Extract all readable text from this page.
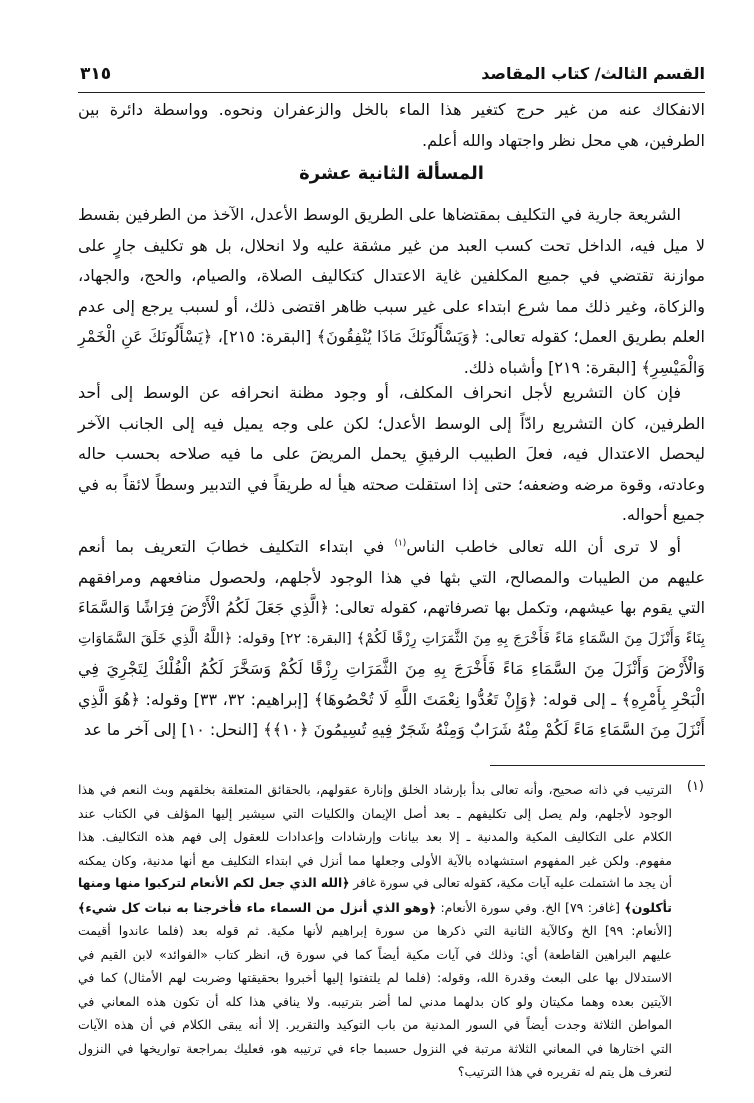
القسم الثالث/ كتاب المقاصد
٣١٥
الانفكاك عنه من غير حرج كتغير هذا الماء بالخل والزعفران ونحوه. وواسطة دائرة بين
الطرفين، هي محل نظر واجتهاد والله أعلم.
المسألة الثانية عشرة
الشريعة جارية في التكليف بمقتضاها على الطريق الوسط الأعدل، الآخذ من الطرفين بقسط
لا ميل فيه، الداخل تحت كسب العبد من غير مشقة عليه ولا انحلال، بل هو تكليف جارٍ على
موازنة تقتضي في جميع المكلفين غاية الاعتدال كتكاليف الصلاة، والصيام، والحج، والجهاد،
والزكاة، وغير ذلك مما شرع ابتداء على غير سبب ظاهر اقتضى ذلك، أو لسبب يرجع إلى عدم
العلم بطريق العمل؛ كقوله تعالى: ﴿وَيَسْأَلُونَكَ مَاذَا يُنْفِقُونَ﴾ [البقرة: ٢١٥]، ﴿يَسْأَلُونَكَ عَنِ الْخَمْرِ
وَالْمَيْسِرِ﴾ [البقرة: ٢١٩] وأشباه ذلك.
فإن كان التشريع لأجل انحراف المكلف، أو وجود مظنة انحرافه عن الوسط إلى أحد
الطرفين، كان التشريع رادّاً إلى الوسط الأعدل؛ لكن على وجه يميل فيه إلى الجانب الآخر
ليحصل الاعتدال فيه، فعلَ الطبيب الرفيقِ يحمل المريضَ على ما فيه صلاحه بحسب حاله
وعادته، وقوة مرضه وضعفه؛ حتى إذا استقلت صحته هيأ له طريقاً في التدبير وسطاً لائقاً به في
جميع أحواله.
أو لا ترى أن الله تعالى خاطب الناس$^{(١)}$ في ابتداء التكليف خطابَ التعريف بما أنعم
عليهم من الطيبات والمصالح، التي بثها في هذا الوجود لأجلهم، ولحصول منافعهم ومرافقهم
التي يقوم بها عيشهم، وتكمل بها تصرفاتهم، كقوله تعالى: ﴿الَّذِي جَعَلَ لَكُمُ الْأَرْضَ فِرَاشًا وَالسَّمَاءَ
بِنَاءً وَأَنْزَلَ مِنَ السَّمَاءِ مَاءً فَأَخْرَجَ بِهِ مِنَ الثَّمَرَاتِ رِزْقًا لَكُمْ﴾ [البقرة: ٢٢] وقوله: ﴿اللَّهُ الَّذِي خَلَقَ السَّمَاوَاتِ
وَالْأَرْضَ وَأَنْزَلَ مِنَ السَّمَاءِ مَاءً فَأَخْرَجَ بِهِ مِنَ الثَّمَرَاتِ رِزْقًا لَكُمْ وَسَخَّرَ لَكُمُ الْفُلْكَ لِتَجْرِيَ فِي
الْبَحْرِ بِأَمْرِهِ﴾ ـ إلى قوله: ﴿وَإِنْ تَعُدُّوا نِعْمَتَ اللَّهِ لَا تُحْصُوهَا﴾ [إبراهيم: ٣٢، ٣٣] وقوله: ﴿هُوَ الَّذِي
أَنْزَلَ مِنَ السَّمَاءِ مَاءً لَكُمْ مِنْهُ شَرَابٌ وَمِنْهُ شَجَرٌ فِيهِ تُسِيمُونَ ﴿١٠﴾﴾ [النحل: ١٠] إلى آخر ما عد
(١)
الترتيب في ذاته صحيح، وأنه تعالى بدأ بإرشاد الخلق وإنارة عقولهم، بالحقائق المتعلقة بخلقهم وبث النعم في هذا
الوجود لأجلهم، ولم يصل إلى تكليفهم ـ بعد أصل الإيمان والكليات التي سيشير إليها المؤلف في الكتاب عند
الكلام على التكاليف المكية والمدنية ـ إلا بعد بيانات وإرشادات وإعدادات للعقول إلى فهم هذه التكاليف. هذا
مفهوم. ولكن غير المفهوم استشهاده بالآية الأولى وجعلها مما أنزل في ابتداء التكليف مع أنها مدنية، وكان يمكنه
أن يجد ما اشتملت عليه آيات مكية، كقوله تعالى في سورة غافر ﴿الله الذي جعل لكم الأنعام لتركبوا منها ومنها
تأكلون﴾ [غافر: ٧٩] الخ. وفي سورة الأنعام: ﴿وهو الذي أنزل من السماء ماء فأخرجنا به نبات كل شيء﴾
[الأنعام: ٩٩] الخ وكالآية الثانية التي ذكرها من سورة إبراهيم لأنها مكية. ثم قوله بعد (فلما عاندوا أقيمت
عليهم البراهين القاطعة) أي: وذلك في آيات مكية أيضاً كما في سورة ق، انظر كتاب «الفوائد» لابن القيم في
الاستدلال بها على البعث وقدرة الله، وقوله: (فلما لم يلتفتوا إليها أخبروا بحقيقتها وضربت لهم الأمثال) كما في
الآيتين بعده وهما مكيتان ولو كان بدلهما مدني لما أضر بترتيبه. ولا ينافي هذا كله أن تكون هذه المعاني في
المواطن الثلاثة وجدت أيضاً في السور المدنية من باب التوكيد والتقرير. إلا أنه يبقى الكلام في أن هذه الآيات
التي اختارها في المعاني الثلاثة مرتبة في النزول حسبما جاء في ترتيبه هو، فعليك بمراجعة تواريخها في النزول
لتعرف هل يتم له تقريره في هذا الترتيب؟
